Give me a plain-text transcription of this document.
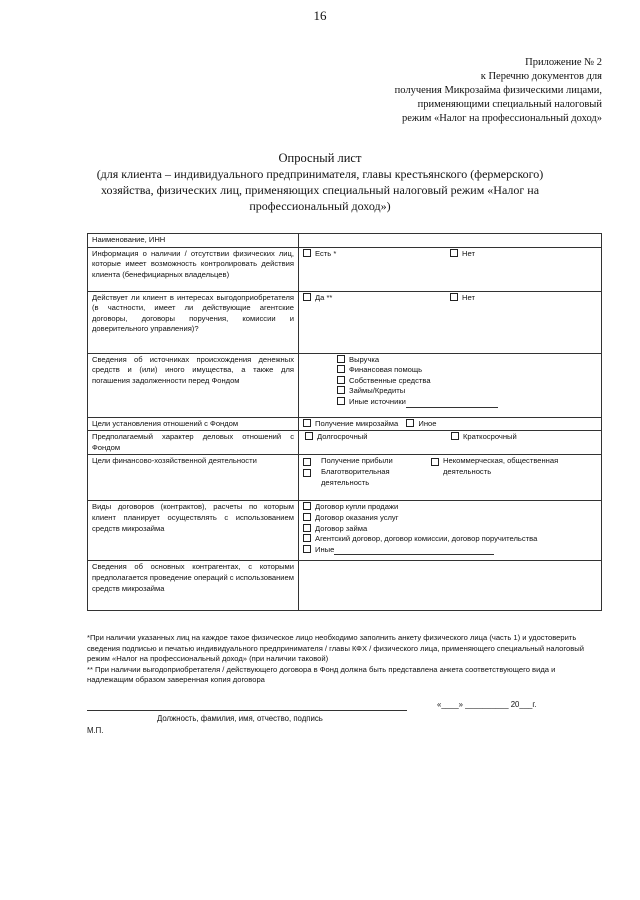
16
Приложение № 2
к Перечню документов для
получения Микрозайма физическими лицами,
применяющими специальный налоговый
режим «Налог на профессиональный доход»
Опросный лист
(для клиента – индивидуального предпринимателя, главы крестьянского (фермерского)
хозяйства, физических лиц, применяющих специальный налоговый режим «Налог на
профессиональный доход»)
Наименование, ИНН	
Информация о наличии / отсутствии физических лиц, которые имеет возможность контролировать действия клиента (бенефициарных владельцев)	Есть * Нет

Действует ли клиент в интересах выгодоприобретателя (в частности, имеет ли действующие агентские договоры, договоры поручения, комиссии и доверительного управления)?	Да ** Нет

Сведения об источниках происхождения денежных средств и (или) иного имущества, а также для погашения задолженности перед Фондом	Выручка
Финансовая помощь
Собственные средства
Займы/Кредиты
Иные источники

Цели установления отношений с Фондом	Получение микрозайма Иное
Предполагаемый характер деловых отношений с Фондом	Долгосрочный Краткосрочный

Цели финансово-хозяйственной деятельности	Получение прибыли
Благотворительная деятельность
Некоммерческая, общественная деятельность

Виды договоров (контрактов), расчеты по которым клиент планирует осуществлять с использованием средств микрозайма	Договор купли продажи
Договор оказания услуг
Договор займа
Агентский договор, договор комиссии, договор поручительства
Иные

Сведения об основных контрагентах, с которыми предполагается проведение операций с использованием средств микрозайма	
*При наличии указанных лиц на каждое такое физическое лицо необходимо заполнить анкету физического лица (часть 1) и удостоверить сведения подписью и печатью индивидуального предпринимателя / главы КФХ / физического лица, применяющего специальный налоговый режим «Налог на профессиональный доход» (при наличии таковой)
** При наличии выгодоприобретателя / действующего договора в Фонд должна быть представлена анкета соответствующего вида и надлежащим образом заверенная копия договора
«____» __________ 20___г.
Должность, фамилия, имя, отчество, подпись
М.П.
